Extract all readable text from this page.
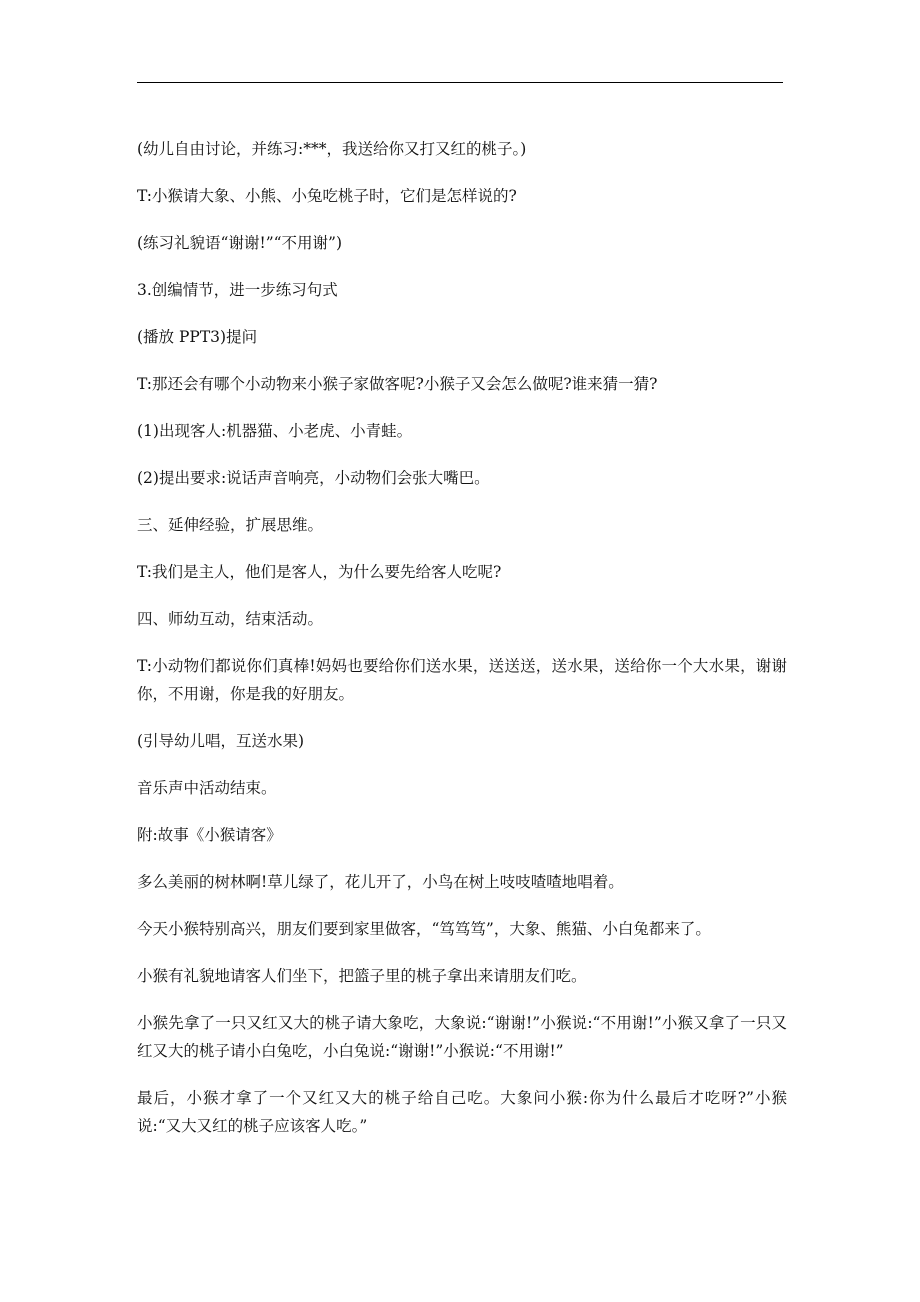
(幼儿自由讨论，并练习:***，我送给你又打又红的桃子。)

T:小猴请大象、小熊、小兔吃桃子时，它们是怎样说的?

(练习礼貌语“谢谢!”“不用谢”)

3.创编情节，进一步练习句式

(播放 PPT3)提问

T:那还会有哪个小动物来小猴子家做客呢?小猴子又会怎么做呢?谁来猜一猜?

(1)出现客人:机器猫、小老虎、小青蛙。

(2)提出要求:说话声音响亮，小动物们会张大嘴巴。

三、延伸经验，扩展思维。

T:我们是主人，他们是客人，为什么要先给客人吃呢?

四、师幼互动，结束活动。

T:小动物们都说你们真棒!妈妈也要给你们送水果，送送送，送水果，送给你一个大水果，谢谢你，不用谢，你是我的好朋友。

(引导幼儿唱，互送水果)

音乐声中活动结束。

附:故事《小猴请客》

多么美丽的树林啊!草儿绿了，花儿开了，小鸟在树上吱吱喳喳地唱着。

今天小猴特别高兴，朋友们要到家里做客，“笃笃笃”，大象、熊猫、小白兔都来了。

小猴有礼貌地请客人们坐下，把篮子里的桃子拿出来请朋友们吃。

小猴先拿了一只又红又大的桃子请大象吃，大象说:“谢谢!”小猴说:“不用谢!”小猴又拿了一只又红又大的桃子请小白兔吃，小白兔说:“谢谢!”小猴说:“不用谢!”

最后，小猴才拿了一个又红又大的桃子给自己吃。大象问小猴:你为什么最后才吃呀?”小猴说:“又大又红的桃子应该客人吃。”
